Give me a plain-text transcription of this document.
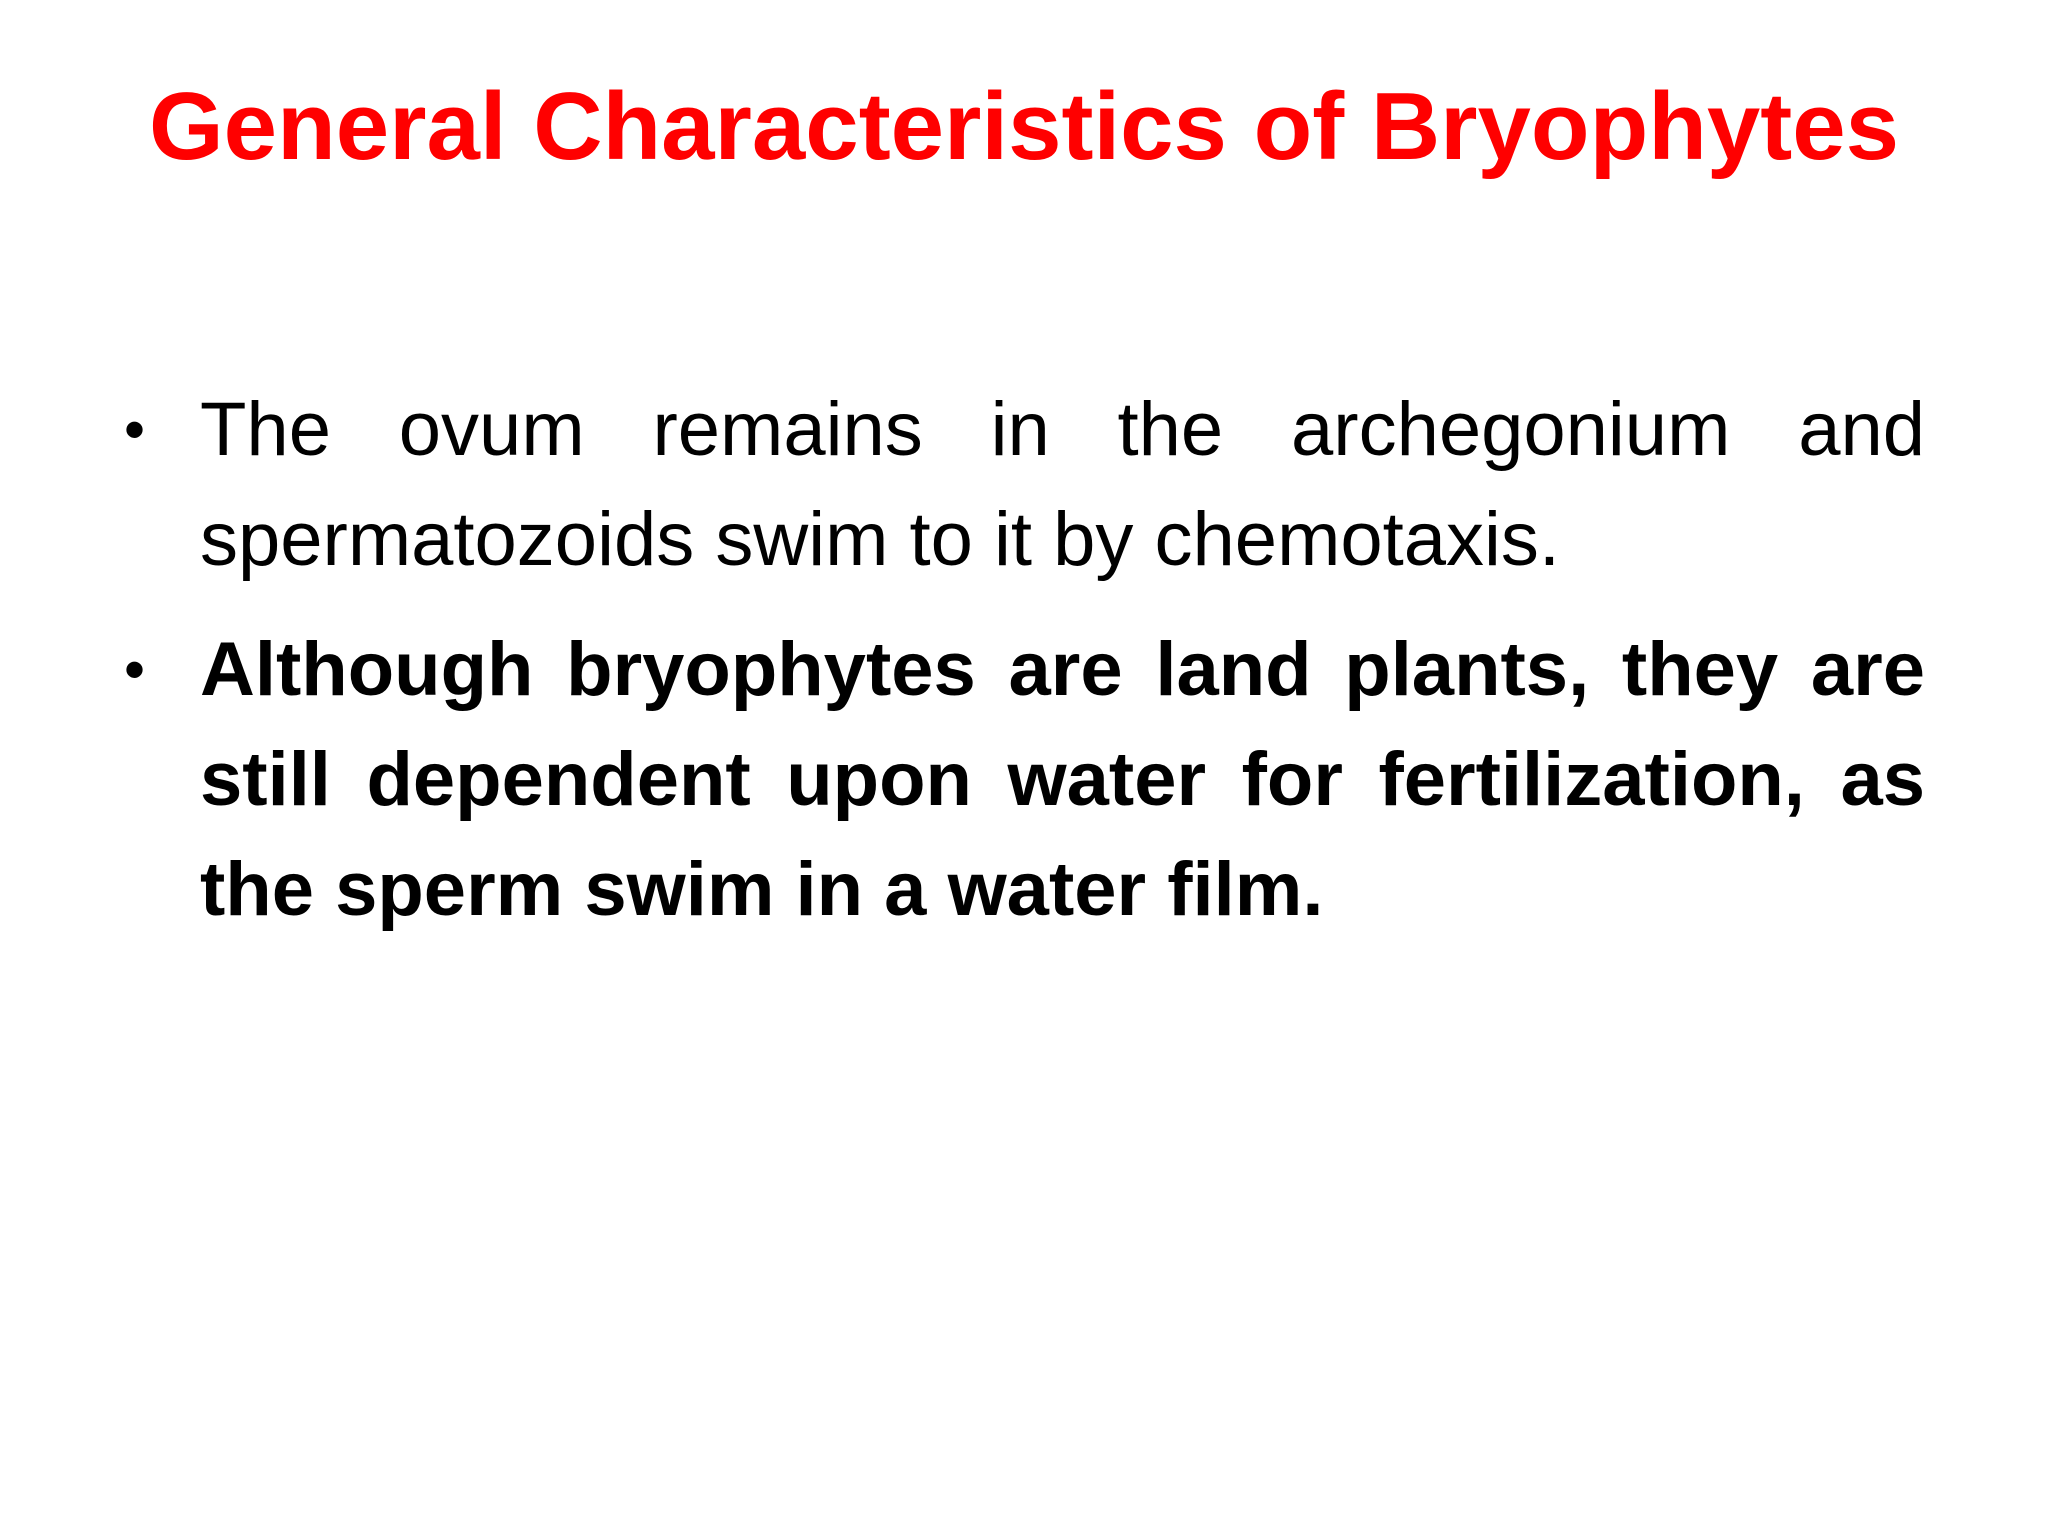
General Characteristics of Bryophytes
• The ovum remains in the archegonium and spermatozoids swim to it by chemotaxis.
• Although bryophytes are land plants, they are still dependent upon water for fertilization, as the sperm swim in a water film.
